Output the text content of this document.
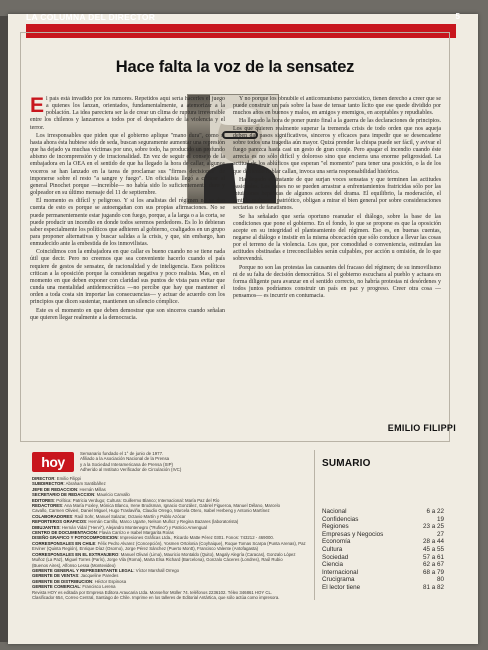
LA COLUMNA DEL DIRECTOR	5
Hace falta la voz de la sensatez

El país está invadido por los rumores. Repetidos aquí sería hacerles el juego a quienes los lanzan, orientados, fundamentalmente, a atemorizar a la población. La idea pareciera ser la de crear un clima de ruptura irreversible entre los chilenos y lanzarnos a todos por el despeñadero de la violencia y el terror.

Los irresponsables que piden que el gobierno aplique "mano dura", como si hasta ahora ésta hubiese sido de seda, buscan seguramente aumentar una represión que ha dejado ya muchas víctimas por uno, sobre todo, ha producido un profundo abismo de incomprensión y de irracionalidad. En vez de seguir el consejo de la embajadora en la OEA en el sentido de que ha llegado la hora de callar, algunos voceros se han lanzado en la tarea de proclamar sus "firmes decisiones" de imponerse sobre el resto "a sangre y fuego". Un oficialista llegó a criticar al general Pinochet porque —increíble— no había sido lo suficientemente duro y golpeador en su último mensaje del 11 de septiembre.

El momento es difícil y peligroso. Y si los analistas del régimen no se dan cuenta de esto es porque se autoengañan con sus propias afirmaciones. No se puede permanentemente estar jugando con fuego, porque, a la larga o a la corta, se puede producir un incendio en donde todos seremos perdedores. Es lo lo debieran saber especialmente los políticos que adhieren al gobierno, coaligados en un grupo para proponer alternativas y buscar salidas a la crisis, y que, sin embargo, han enmudecido ante la embestida de los inmovilistas.

Coincidimos con la embajadora en que callar es bueno cuando no se tiene nada útil que decir. Pero no creemos que sea conveniente hacerlo cuando el país requiere de gestos de sensatez, de racionalidad y de inteligencia. Esos políticos critican a la oposición porque la consideran negativa y poco realista. Mas, en el momento en que deben exponer con claridad sus puntos de vista para evitar que cunda una mentalidad antidemocrática —no percíbe que hay que mantener el orden a toda costa sin importar las consecuencias— y actuar de acuerdo con los principios que dicen sustentar, mantienen un silencio cómplice.

Este es el momento en que deben demostrar que son sinceros cuando señalan que quieren llegar realmente a la democracia.

Y no porque los obnubile el anticomunismo paroxístico, tienen derecho a creer que se puede construir un país sobre la base de tensar tanto lícito que ese quede dividido por muchos años en buenos y malos, en amigos y enemigos, en aceptables y repudiables.

Ha llegado la hora de poner punto final a la guerra de las declaraciones de principios. Los que quieren realmente superar la tremenda crisis de todo orden que nos aqueja deben dar pasos significativos, sinceros y eficaces para impedir que se desencadene sobre todos una tragedia aún mayor. Quizá prender la chispa puede ser fácil, y avivar el fuego parezca hasta casi un gesto de gran coraje. Pero apagar el incendio cuando éste arrecia es no sólo difícil y doloroso sino que encierra una enorme peligrosidad. La actitud de los ablúficos que esperan "el momento" para tener una posición, o la de los que debiendo hablar callan, invoca una seria responsabilidad histórica.

Ha llegado el instante de que surjan voces sensatas y que terminen las actitudes pasionales. Los países no se pueden arrastrar a enfrentamientos fratricidas sólo por las intuiciones hepáticas de algunos actores del drama. El equilibrio, la moderación, el sentido realmente patriótico, obligan a mirar el bien general por sobre consideraciones sectarias o de fanatismos.

Se ha señalado que sería oportuno reanudar el diálogo, sobre la base de las condiciones que pone el gobierno. En el fondo, lo que se propone es que la oposición acepte en su integridad el planteamiento del régimen. Eso es, en buenas cuentas, negarse al diálogo e insistir en la misma obcecación que sólo conduce a llevar las cosas por el terreno de la violencia. Los que, por comodidad o conveniencia, estimulan las actitudes obstinadas e irreconciliables serán culpables, por acción u omisión, de lo que sobrevendrá.

Porque no son las protestas las causantes del fracaso del régimen; de su inmovilismo ni de su falta de decisión democrática. Si el gobierno escuchara al pueblo y actuara en forma diligente para avanzar en el sentido correcto, no habría protestas ni desórdenes y todos juntos podríamos construir un país en paz y progreso. Creer otra cosa —pensamos— es incurrir en contumacia.

EMILIO FILIPPI
hoy
Semanario fundado el 1° de junio de 1977.
Afiliado a la Asociación Nacional de la Prensa
y a la Sociedad Interamericana de Prensa (SIP)
Adherido al Instituto Verificador de Circulación (IVC)
DIRECTOR: Emilio Filippi
SUBDIRECTOR: Abraham Santibáñez
JEFE DE REDACCION: Hernán Millas
SECRETARIO DE REDACCION: Mauricio Carvallo
EDITORES: Política: Patricia Verdugo; Cultura: Guillermo Blanco; Internacional: María Paz del Río
REDACTORES: Ana María Foxley, Mónica Blanco, Irene Brodsman, Ignacio González, Gabriel Figueroa, Manuel Délano, Marcelo
Cavallo, Carmen Olivieri, Daniel Miguel, Hugo Traslaviña, Claudio Orrego, Marcela Otero, Isabel Herbeng y Antonio Martínez
COLABORADORES: Raúl Sohr, Manuel Salazar, Octavio Martín y Pablo Azócar
REPORTEROS GRAFICOS: Hernán Carrillo, Marco Ugarte, Nelson Muñoz y Regina Bazares (laboratorista)
DIBUJANTES: Hernán Vidal ("Hervi"), Alejandro Montenegro ("Rufino") y Patricio Amengual
CENTRO DE DOCUMENTACION: Flavia Carrizo e Isabel Margarita Roías
DISEÑO GRAFICO Y FOTOCOMPOSICION: Impresiones Gráficas Ltda., Ricardo Matte Pérez 0301. Fonos: 743212 - 469000.
CORRESPONSALES EN CHILE: Félix Pedro Alvarez (Concepción), Yosmen Ortolonia (Coyhaique), Roque Tomas Scarpa (Punta Arenas), Paz
Erviner (Quinta Región), Enrique Díaz (Osorno), Jorge Pérez Sánchez (Puerto Montt), Francisco Valente (Antofagasta)
CORRESPONSALES EN EL EXTRANJERO: Manuel Olivari (Lima), Mauricio Montaldo (Quito), Magaly Alegría (Caracas), Gonzalo López
Muñoz (La Paz), Miguel Torres (París), Jorge Vila (Roma), Marta Elsa Richard (Barcelona), Gonzalo Cáceres (Londres), Raúl Rubio
(Buenos Aires), Alfonso Lessa (Montevideo)
GERENTE GENERAL Y REPRESENTANTE LEGAL: Víctor Marshall Orrego
GERENTE DE VENTAS: Jacqueline Paredes
GERENTE DE DISTRIBUCION: Héctor Espinosa
GERENTE COMERCIAL: Francisco Lerena
Revista HOY es editada por Empresa Editora Araucaria Ltda. Monseñor Müller 74. teléfonos 2236102. Télex 346861 HOY CL.
Clasificador 654, Correo Central, Santiago de Chile. Imprime en los talleres de Editorial Antártica, que sólo actúa como impresora.
SUMARIO
Nacional	6 a 22
Confidencias	19
Regiones	23 a 25
Empresas y Negocios	27
Economía	28 a 44
Cultura	45 a 55
Sociedad	57 a 61
Ciencia	62 a 67
Internacional	68 a 79
Crucigrama	80
El lector tiene	81 a 82
